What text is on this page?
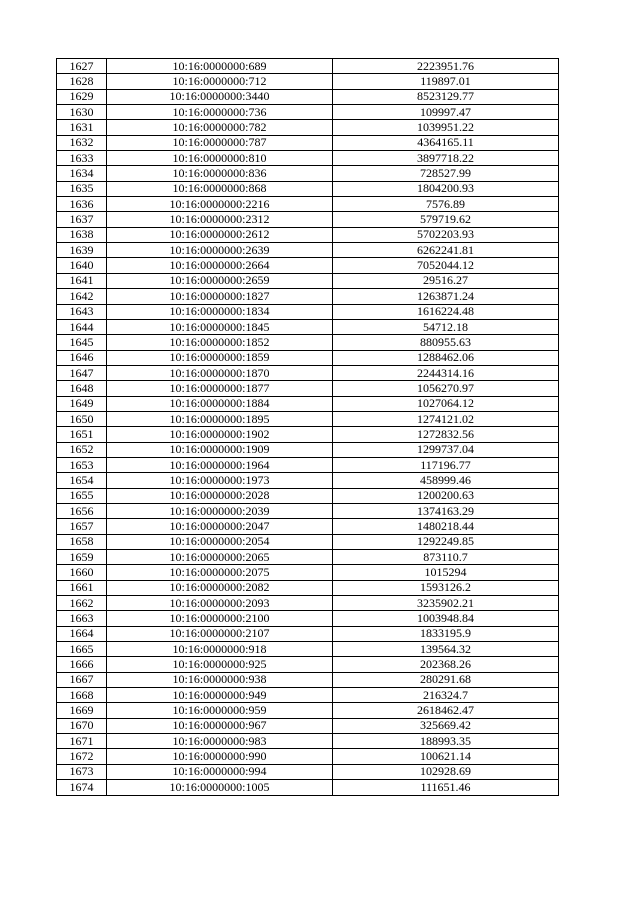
1627	10:16:0000000:689	2223951.76
1628	10:16:0000000:712	119897.01
1629	10:16:0000000:3440	8523129.77
1630	10:16:0000000:736	109997.47
1631	10:16:0000000:782	1039951.22
1632	10:16:0000000:787	4364165.11
1633	10:16:0000000:810	3897718.22
1634	10:16:0000000:836	728527.99
1635	10:16:0000000:868	1804200.93
1636	10:16:0000000:2216	7576.89
1637	10:16:0000000:2312	579719.62
1638	10:16:0000000:2612	5702203.93
1639	10:16:0000000:2639	6262241.81
1640	10:16:0000000:2664	7052044.12
1641	10:16:0000000:2659	29516.27
1642	10:16:0000000:1827	1263871.24
1643	10:16:0000000:1834	1616224.48
1644	10:16:0000000:1845	54712.18
1645	10:16:0000000:1852	880955.63
1646	10:16:0000000:1859	1288462.06
1647	10:16:0000000:1870	2244314.16
1648	10:16:0000000:1877	1056270.97
1649	10:16:0000000:1884	1027064.12
1650	10:16:0000000:1895	1274121.02
1651	10:16:0000000:1902	1272832.56
1652	10:16:0000000:1909	1299737.04
1653	10:16:0000000:1964	117196.77
1654	10:16:0000000:1973	458999.46
1655	10:16:0000000:2028	1200200.63
1656	10:16:0000000:2039	1374163.29
1657	10:16:0000000:2047	1480218.44
1658	10:16:0000000:2054	1292249.85
1659	10:16:0000000:2065	873110.7
1660	10:16:0000000:2075	1015294
1661	10:16:0000000:2082	1593126.2
1662	10:16:0000000:2093	3235902.21
1663	10:16:0000000:2100	1003948.84
1664	10:16:0000000:2107	1833195.9
1665	10:16:0000000:918	139564.32
1666	10:16:0000000:925	202368.26
1667	10:16:0000000:938	280291.68
1668	10:16:0000000:949	216324.7
1669	10:16:0000000:959	2618462.47
1670	10:16:0000000:967	325669.42
1671	10:16:0000000:983	188993.35
1672	10:16:0000000:990	100621.14
1673	10:16:0000000:994	102928.69
1674	10:16:0000000:1005	111651.46
